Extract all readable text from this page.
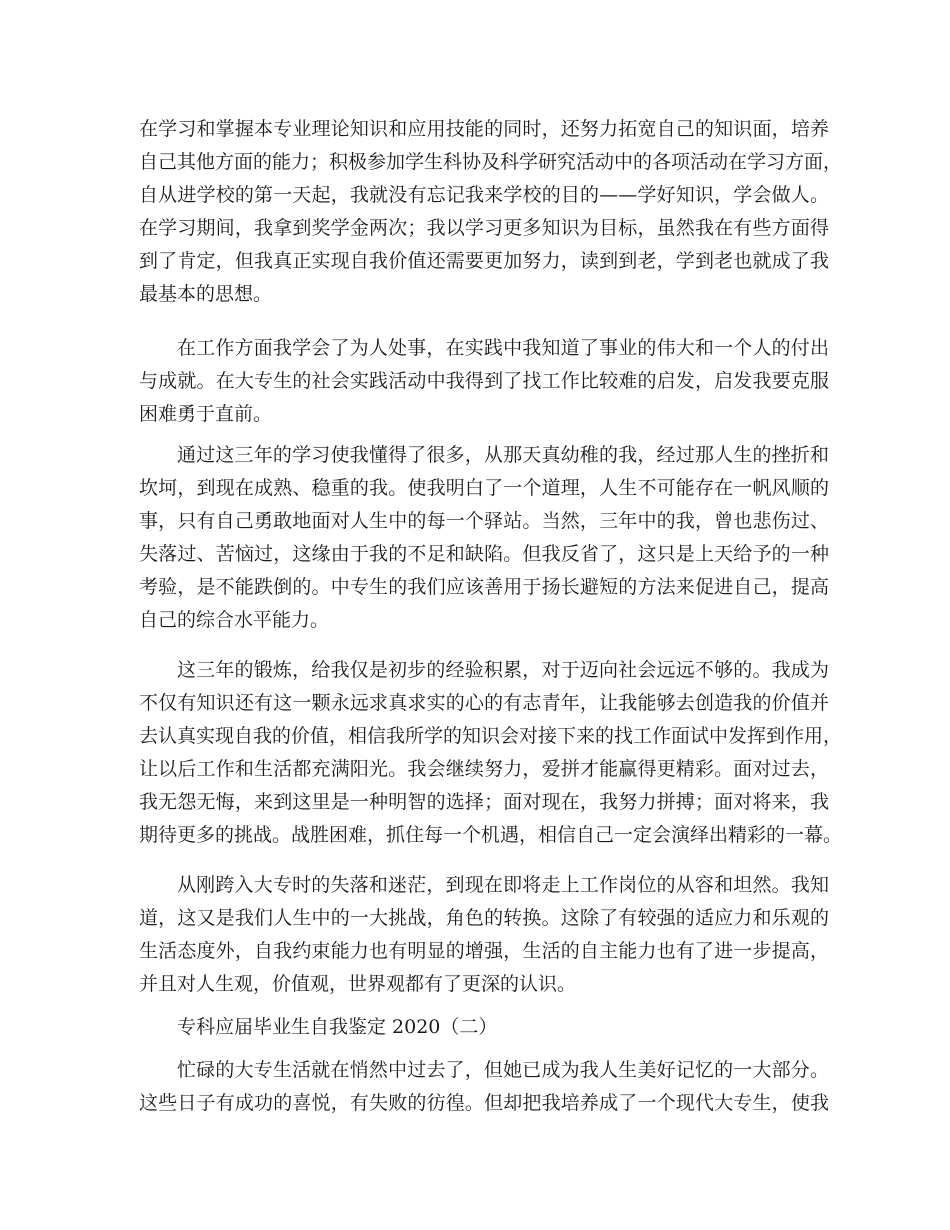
在学习和掌握本专业理论知识和应用技能的同时，还努力拓宽自己的知识面，培养
自己其他方面的能力；积极参加学生科协及科学研究活动中的各项活动在学习方面，
自从进学校的第一天起，我就没有忘记我来学校的目的——学好知识，学会做人。
在学习期间，我拿到奖学金两次；我以学习更多知识为目标，虽然我在有些方面得
到了肯定，但我真正实现自我价值还需要更加努力，读到到老，学到老也就成了我
最基本的思想。
在工作方面我学会了为人处事，在实践中我知道了事业的伟大和一个人的付出
与成就。在大专生的社会实践活动中我得到了找工作比较难的启发，启发我要克服
困难勇于直前。
通过这三年的学习使我懂得了很多，从那天真幼稚的我，经过那人生的挫折和
坎坷，到现在成熟、稳重的我。使我明白了一个道理，人生不可能存在一帆风顺的
事，只有自己勇敢地面对人生中的每一个驿站。当然，三年中的我，曾也悲伤过、
失落过、苦恼过，这缘由于我的不足和缺陷。但我反省了，这只是上天给予的一种
考验，是不能跌倒的。中专生的我们应该善用于扬长避短的方法来促进自己，提高
自己的综合水平能力。
这三年的锻炼，给我仅是初步的经验积累，对于迈向社会远远不够的。我成为
不仅有知识还有这一颗永远求真求实的心的有志青年，让我能够去创造我的价值并
去认真实现自我的价值，相信我所学的知识会对接下来的找工作面试中发挥到作用，
让以后工作和生活都充满阳光。我会继续努力，爱拼才能赢得更精彩。面对过去，
我无怨无悔，来到这里是一种明智的选择；面对现在，我努力拼搏；面对将来，我
期待更多的挑战。战胜困难，抓住每一个机遇，相信自己一定会演绎出精彩的一幕。
从刚跨入大专时的失落和迷茫，到现在即将走上工作岗位的从容和坦然。我知
道，这又是我们人生中的一大挑战，角色的转换。这除了有较强的适应力和乐观的
生活态度外，自我约束能力也有明显的增强，生活的自主能力也有了进一步提高，
并且对人生观，价值观，世界观都有了更深的认识。
专科应届毕业生自我鉴定 2020（二）
忙碌的大专生活就在悄然中过去了，但她已成为我人生美好记忆的一大部分。
这些日子有成功的喜悦，有失败的彷徨。但却把我培养成了一个现代大专生，使我
